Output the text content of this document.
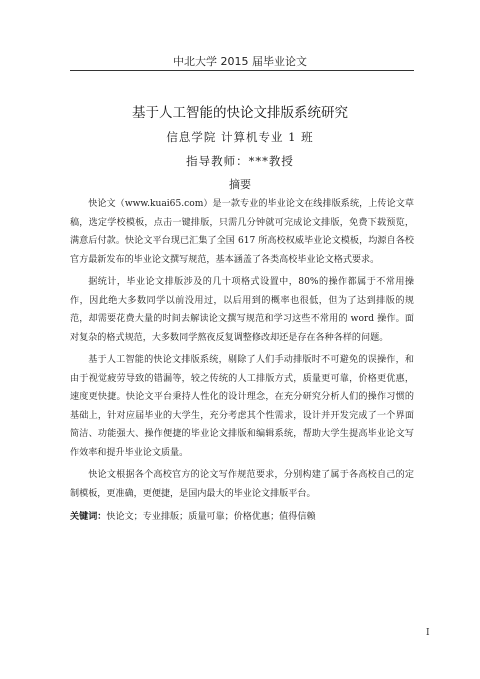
中北大学 2015 届毕业论文
基于人工智能的快论文排版系统研究
信息学院 计算机专业 1 班
指导教师：***教授
摘要

快论文（www.kuai65.com）是一款专业的毕业论文在线排版系统，上传论文草稿，选定学校模板，点击一键排版，只需几分钟就可完成论文排版，免费下载预览，满意后付款。快论文平台现已汇集了全国 617 所高校权威毕业论文模板，均源自各校官方最新发布的毕业论文撰写规范，基本涵盖了各类高校毕业论文格式要求。

据统计，毕业论文排版涉及的几十项格式设置中，80%的操作都属于不常用操作，因此绝大多数同学以前没用过，以后用到的概率也很低，但为了达到排版的规范，却需要花费大量的时间去解读论文撰写规范和学习这些不常用的 word 操作。面对复杂的格式规范，大多数同学熬夜反复调整修改却还是存在各种各样的问题。

基于人工智能的快论文排版系统，剔除了人们手动排版时不可避免的误操作，和由于视觉疲劳导致的错漏等，较之传统的人工排版方式，质量更可靠，价格更优惠，速度更快捷。快论文平台秉持人性化的设计理念，在充分研究分析人们的操作习惯的基础上，针对应届毕业的大学生，充分考虑其个性需求，设计并开发完成了一个界面简洁、功能强大、操作便捷的毕业论文排版和编辑系统，帮助大学生提高毕业论文写作效率和提升毕业论文质量。

快论文根据各个高校官方的论文写作规范要求，分别构建了属于各高校自己的定制模板，更准确，更便捷，是国内最大的毕业论文排版平台。

关键词：快论文；专业排版；质量可靠；价格优惠；值得信赖
I
